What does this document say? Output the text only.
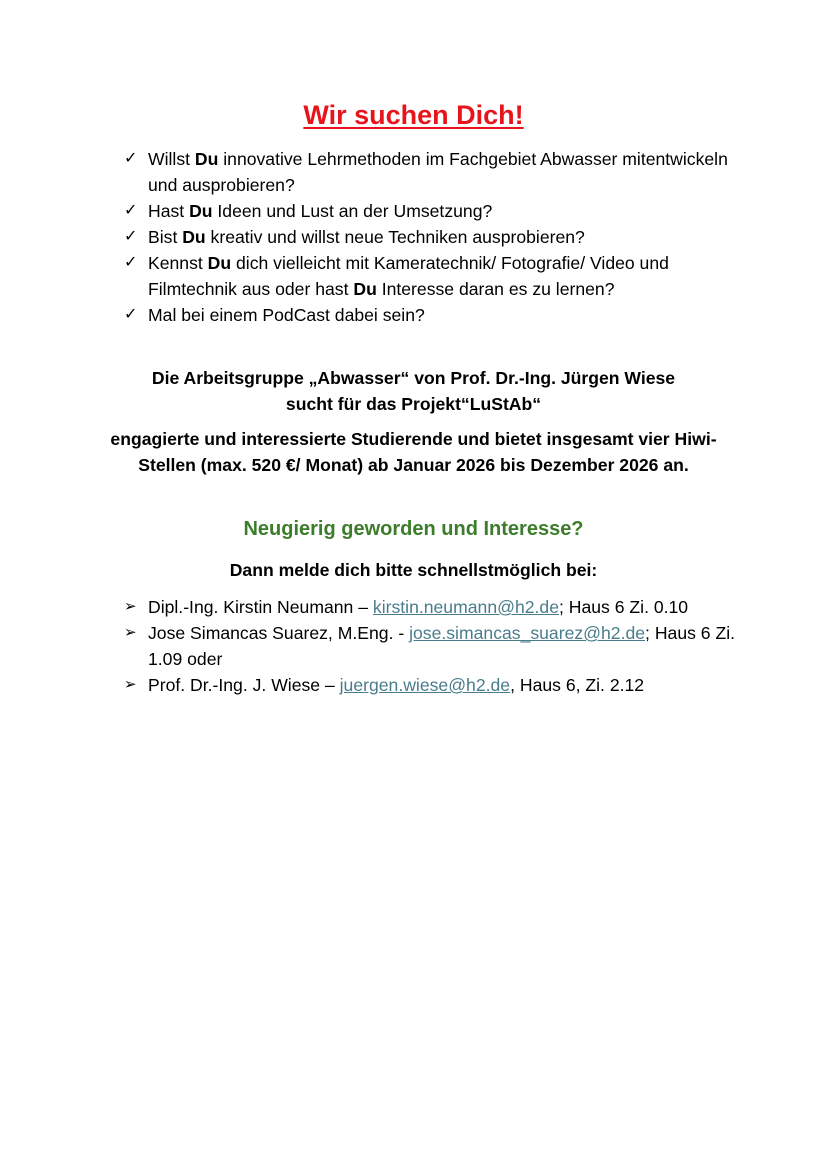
Wir suchen Dich!
✓ Willst Du innovative Lehrmethoden im Fachgebiet Abwasser mitentwickeln und ausprobieren?
✓ Hast Du Ideen und Lust an der Umsetzung?
✓ Bist Du kreativ und willst neue Techniken ausprobieren?
✓ Kennst Du dich vielleicht mit Kameratechnik/ Fotografie/ Video und Filmtechnik aus oder hast Du Interesse daran es zu lernen?
✓ Mal bei einem PodCast dabei sein?

Die Arbeitsgruppe „Abwasser“ von Prof. Dr.-Ing. Jürgen Wiese
sucht für das Projekt“LuStAb“

engagierte und interessierte Studierende und bietet insgesamt vier Hiwi-Stellen (max. 520 €/ Monat) ab Januar 2026 bis Dezember 2026 an.

Neugierig geworden und Interesse?

Dann melde dich bitte schnellstmöglich bei:

➢ Dipl.-Ing. Kirstin Neumann – kirstin.neumann@h2.de; Haus 6 Zi. 0.10
➢ Jose Simancas Suarez, M.Eng. - jose.simancas_suarez@h2.de; Haus 6 Zi. 1.09 oder
➢ Prof. Dr.-Ing. J. Wiese – juergen.wiese@h2.de, Haus 6, Zi. 2.12
